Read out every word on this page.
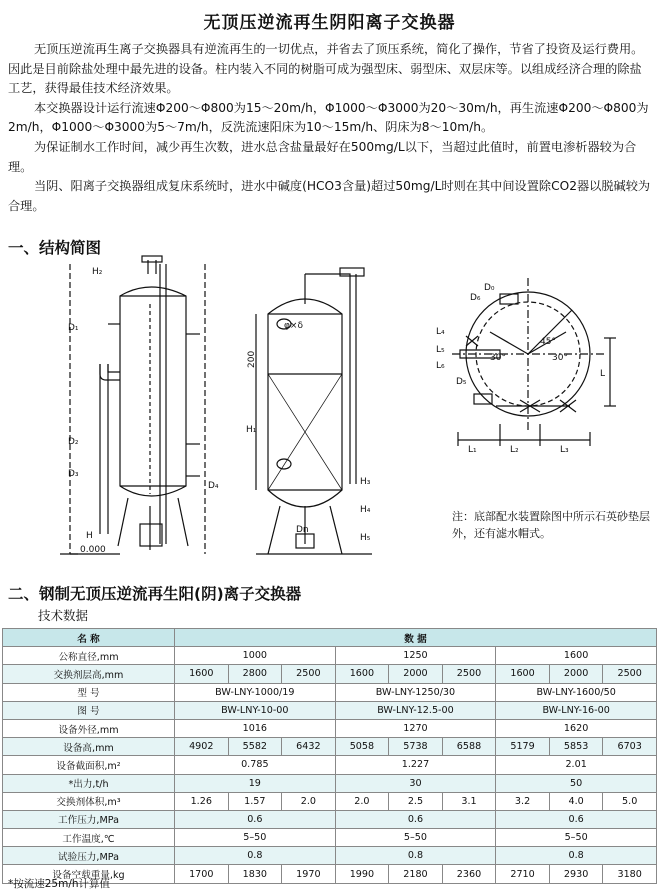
无顶压逆流再生阴阳离子交换器

无顶压逆流再生离子交换器具有逆流再生的一切优点，并省去了顶压系统，简化了操作，节省了投资及运行费用。因此是目前除盐处理中最先进的设备。柱内装入不同的树脂可成为强型床、弱型床、双层床等。以组成经济合理的除盐工艺，获得最佳技术经济效果。

本交换器设计运行流速Φ200～Φ800为15～20m/h，Φ1000～Φ3000为20～30m/h，再生流速Φ200～Φ800为2m/h，Φ1000～Φ3000为5～7m/h，反洗流速阳床为10～15m/h、阴床为8～10m/h。

为保证制水工作时间，减少再生次数，进水总含盐量最好在500mg/L以下，当超过此值时，前置电渗析器较为合理。

当阴、阳离子交换器组成复床系统时，进水中碱度(HCO3含量)超过50mg/L时则在其中间设置除CO2器以脱碱较为合理。

一、结构简图
φ×δ
200
H₁
45°
30°	30°
L
H
0.000
D₁
D₂
D₃
D₄
D₅
D₆
L₁	L₂	L₃
H₂
H₃
H₄
H₅
D₀
L₄
L₅
L₆
Dn
注：底部配水装置除图中所示石英砂垫层外，还有滤水帽式。
二、钢制无顶压逆流再生阳(阴)离子交换器
技术数据
名 称	数 据								
公称直径,mm	1000			1250			1600		
交换剂层高,mm	1600	2800	2500	1600	2000	2500	1600	2000	2500
型 号	BW-LNY-1000/19			BW-LNY-1250/30			BW-LNY-1600/50		
图 号	BW-LNY-10-00			BW-LNY-12.5-00			BW-LNY-16-00		
设备外径,mm	1016			1270			1620		
设备高,mm	4902	5582	6432	5058	5738	6588	5179	5853	6703
设备截面积,m²	0.785			1.227			2.01		
*出力,t/h	19			30			50		
交换剂体积,m³	1.26	1.57	2.0	2.0	2.5	3.1	3.2	4.0	5.0
工作压力,MPa	0.6			0.6			0.6		
工作温度,℃	5–50			5–50			5–50		
试验压力,MPa	0.8			0.8			0.8		
设备空载重量,kg	1700	1830	1970	1990	2180	2360	2710	2930	3180
*按流速25m/h计算值
